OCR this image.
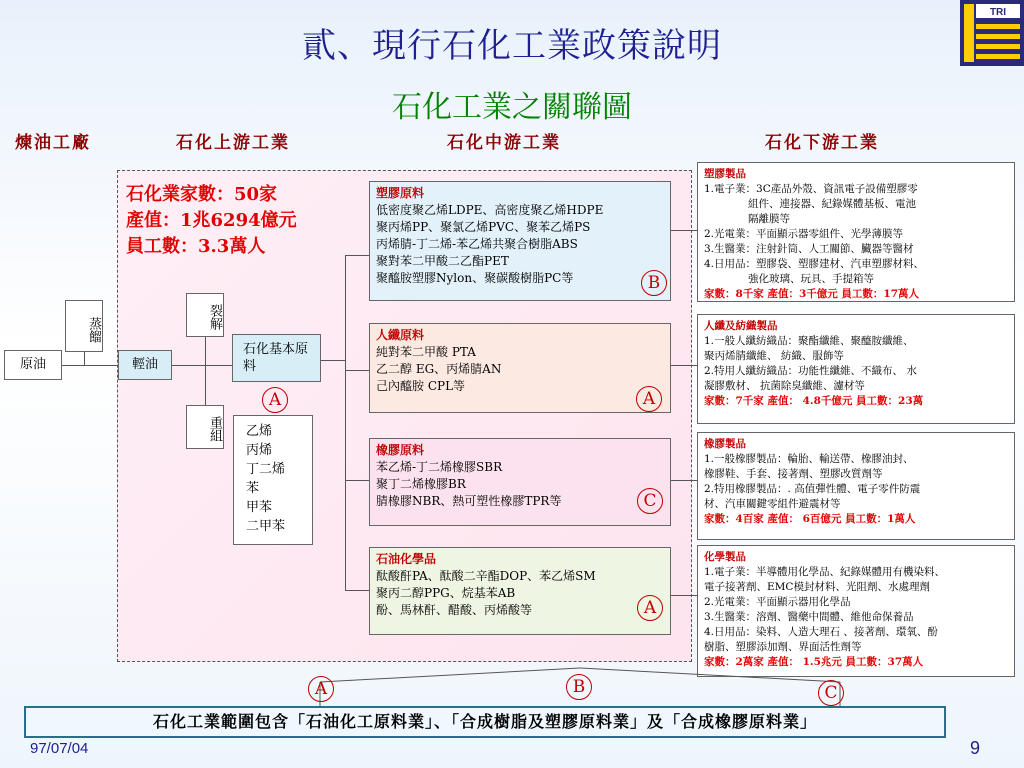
貳、現行石化工業政策說明
石化工業之關聯圖
TRI
煉油工廠	石化上游工業	石化中游工業	石化下游工業
石化業家數：50家
產值：1兆6294億元
員工數：3.3萬人
原油
蒸餾
輕油
裂解
重組
石化基本原料
A
乙烯
丙烯
丁二烯
苯
甲苯
二甲苯
塑膠原料
低密度聚乙烯LDPE、高密度聚乙烯HDPE
聚丙烯PP、聚氯乙烯PVC、聚苯乙烯PS
丙烯腈-丁二烯-苯乙烯共聚合樹脂ABS
聚對苯二甲酸二乙酯PET
聚醯胺塑膠Nylon、聚碳酸樹脂PC等	B
人纖原料
純對苯二甲酸 PTA
乙二醇 EG、丙烯腈AN
己內醯胺 CPL等
A
橡膠原料
苯乙烯-丁二烯橡膠SBR
聚丁二烯橡膠BR
腈橡膠NBR、熱可塑性橡膠TPR等	C
石油化學品
酞酸酐PA、酞酸二辛酯DOP、苯乙烯SM
聚丙二醇PPG、烷基苯AB
酚、馬林酐、醋酸、丙烯酸等	A
塑膠製品
1.電子業：3C產品外殼、資訊電子設備塑膠零
組件、連接器、紀錄媒體基板、電池
隔離膜等
2.光電業：平面顯示器零組件、光學薄膜等
3.生醫業：注射針筒、人工關節、臟器等醫材
4.日用品：塑膠袋、塑膠建材、汽車塑膠材料、
強化玻璃、玩具、手提箱等
家數：8千家 產值：3千億元 員工數：17萬人
人纖及紡織製品
1.一般人纖紡織品：聚酯纖維、聚醯胺纖維、
聚丙烯腈纖維、 紡織、服飾等
2.特用人纖紡織品：功能性纖維、不織布、 水
凝膠敷材、 抗菌除臭纖維、濾材等
家數：7千家 產值： 4.8千億元 員工數：23萬
橡膠製品
1.一般橡膠製品：輪胎、輸送帶、橡膠油封、
橡膠鞋、手套、接著劑、塑膠改質劑等
2.特用橡膠製品：. 高值彈性體、電子零件防震
材、汽車關鍵零組件避震材等
家數：4百家 產值： 6百億元 員工數：1萬人
化學製品
1.電子業：半導體用化學品、紀錄媒體用有機染料、
電子接著劑、EMC模封材料、光阻劑、水處理劑
2.光電業：平面顯示器用化學品
3.生醫業：溶劑、醫藥中間體、維他命保養品
4.日用品：染料、人造大理石 、接著劑、環氧、酚
樹脂、塑膠添加劑、界面活性劑等
家數：2萬家 產值： 1.5兆元 員工數：37萬人
A	B	C
石化工業範圍包含「石油化工原料業」、「合成樹脂及塑膠原料業」及「合成橡膠原料業」
97/07/04	9
